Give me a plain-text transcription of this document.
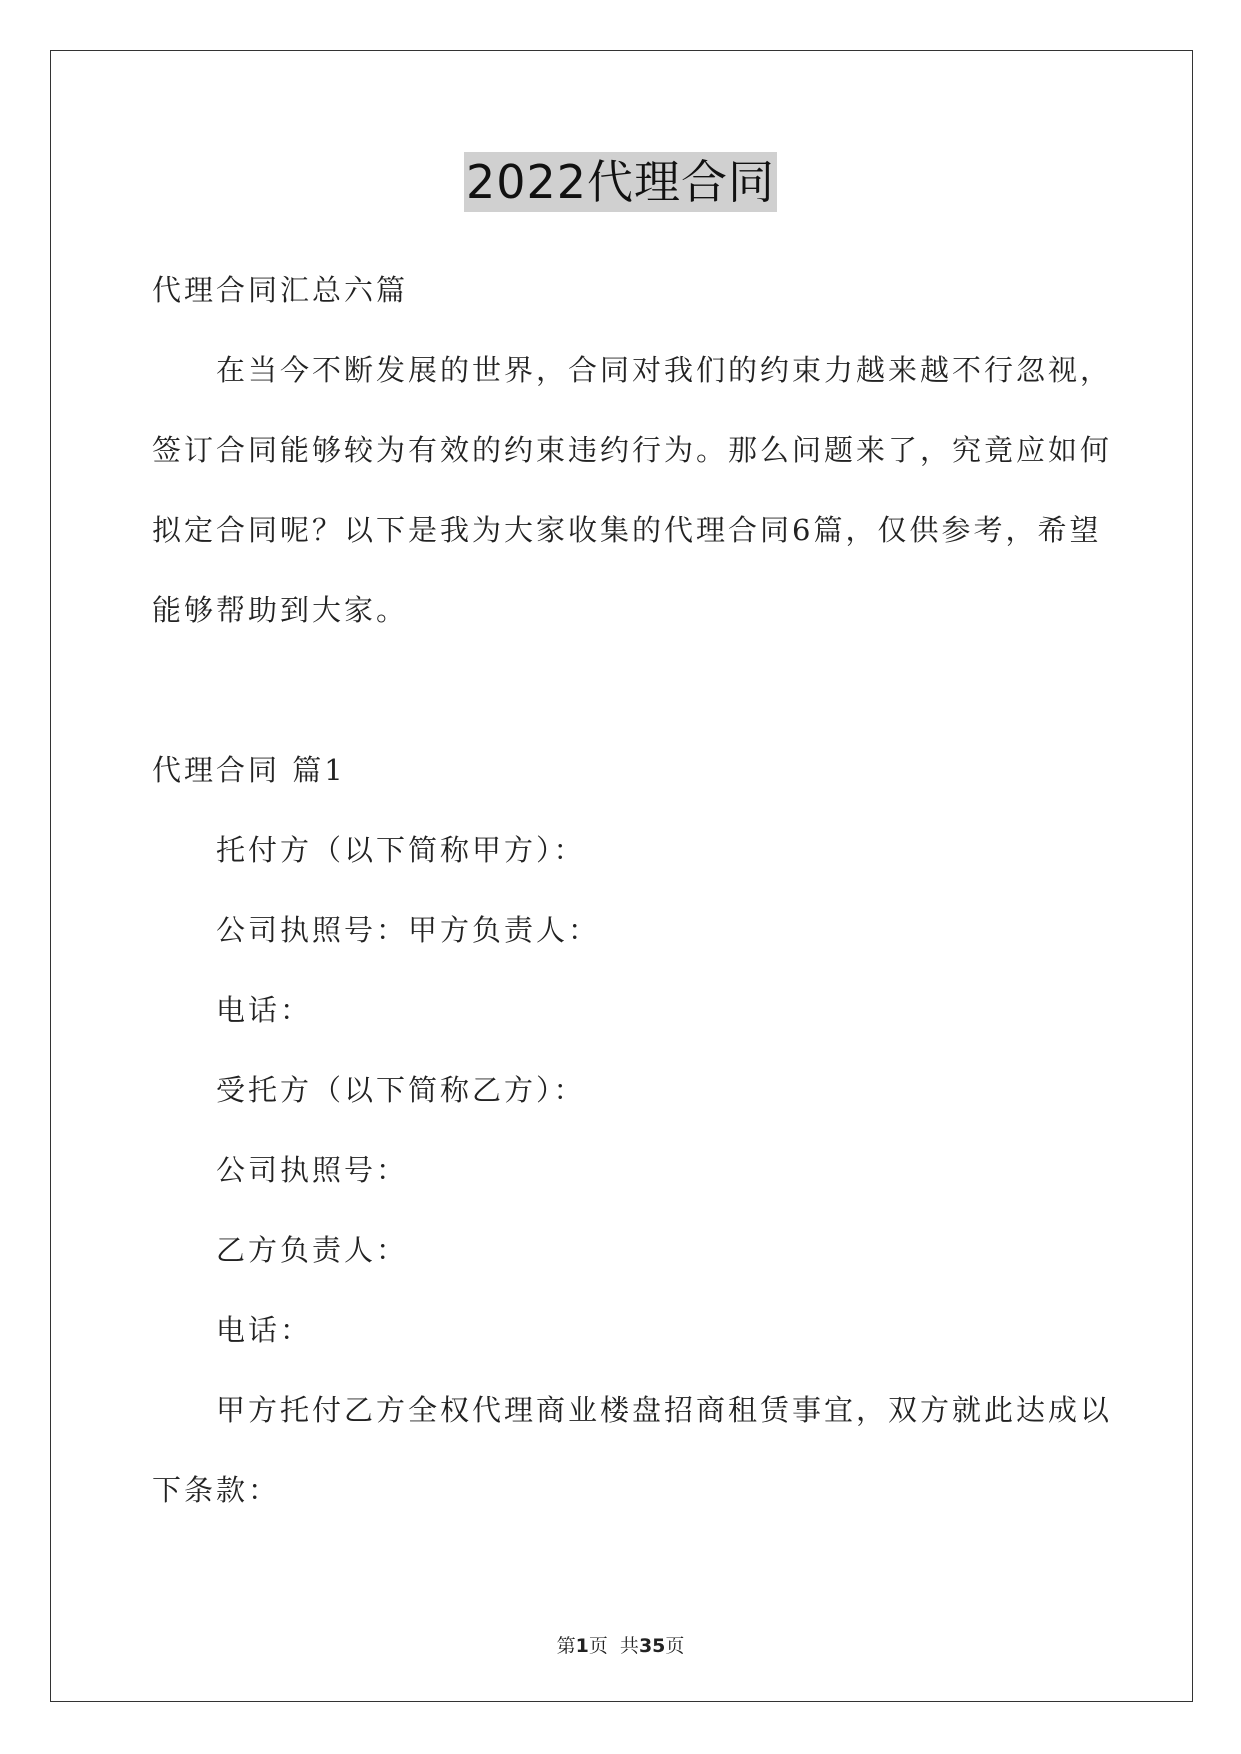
2022代理合同
代理合同汇总六篇
在当今不断发展的世界，合同对我们的约束力越来越不行忽视，
签订合同能够较为有效的约束违约行为。那么问题来了，究竟应如何
拟定合同呢？以下是我为大家收集的代理合同6篇，仅供参考，希望
能够帮助到大家。
代理合同 篇1
托付方（以下简称甲方）：
公司执照号：甲方负责人：
电话：
受托方（以下简称乙方）：
公司执照号：
乙方负责人：
电话：
甲方托付乙方全权代理商业楼盘招商租赁事宜，双方就此达成以
下条款：
第1页  共35页
